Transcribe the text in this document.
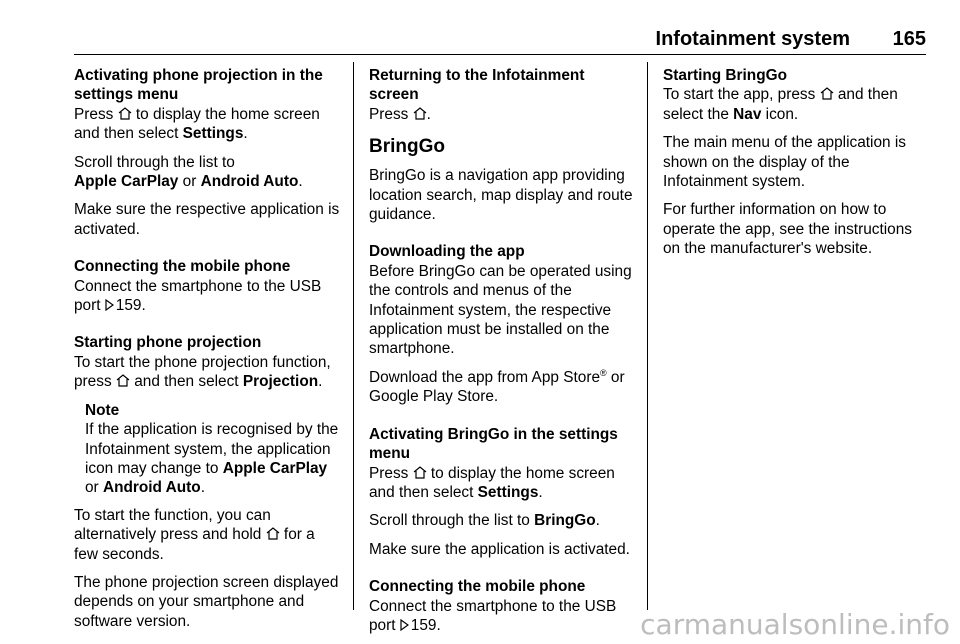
Infotainment system 165

Activating phone projection in the settings menu

Press  to display the home screen and then select Settings.

Scroll through the list to
Apple CarPlay or Android Auto.

Make sure the respective application is activated.

Connecting the mobile phone

Connect the smartphone to the USB port 159.

Starting phone projection

To start the phone projection function, press  and then select Projection.

Note
If the application is recognised by the Infotainment system, the application icon may change to Apple CarPlay or Android Auto.

To start the function, you can alternatively press and hold  for a few seconds.

The phone projection screen displayed depends on your smartphone and software version.

Returning to the Infotainment screen

Press .

BringGo

BringGo is a navigation app providing location search, map display and route guidance.

Downloading the app

Before BringGo can be operated using the controls and menus of the Infotainment system, the respective application must be installed on the smartphone.

Download the app from App Store® or Google Play Store.

Activating BringGo in the settings menu

Press  to display the home screen and then select Settings.

Scroll through the list to BringGo.

Make sure the application is activated.

Connecting the mobile phone

Connect the smartphone to the USB port 159.

Starting BringGo

To start the app, press  and then select the Nav icon.

The main menu of the application is shown on the display of the Infotainment system.

For further information on how to operate the app, see the instructions on the manufacturer's website.

carmanualsonline.info
